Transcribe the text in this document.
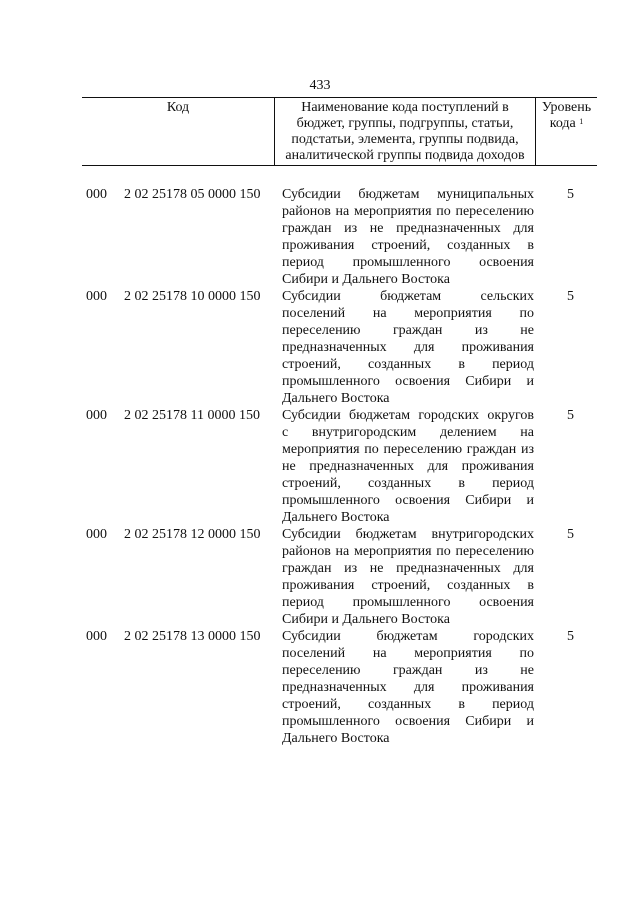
433
Код	Наименование кода поступлений в
бюджет, группы, подгруппы, статьи,
подстатьи, элемента, группы подвида,
аналитической группы подвида доходов
Уровень
кода $^1$
000 2 02 25178 05 0000 150 Субсидии бюджетам муниципальных
районов на мероприятия по переселению
граждан из не предназначенных для
проживания строений, созданных в
период промышленного освоения
Сибири и Дальнего Востока
5
000 2 02 25178 10 0000 150 Субсидии бюджетам сельских
поселений на мероприятия по
переселению граждан из не
предназначенных для проживания
строений, созданных в период
промышленного освоения Сибири и
Дальнего Востока
5
000 2 02 25178 11 0000 150 Субсидии бюджетам городских округов
с внутригородским делением на
мероприятия по переселению граждан из
не предназначенных для проживания
строений, созданных в период
промышленного освоения Сибири и
Дальнего Востока
5
000 2 02 25178 12 0000 150 Субсидии бюджетам внутригородских
районов на мероприятия по переселению
граждан из не предназначенных для
проживания строений, созданных в
период промышленного освоения
Сибири и Дальнего Востока
5
000 2 02 25178 13 0000 150 Субсидии бюджетам городских
поселений на мероприятия по
переселению граждан из не
предназначенных для проживания
строений, созданных в период
промышленного освоения Сибири и
Дальнего Востока
5
